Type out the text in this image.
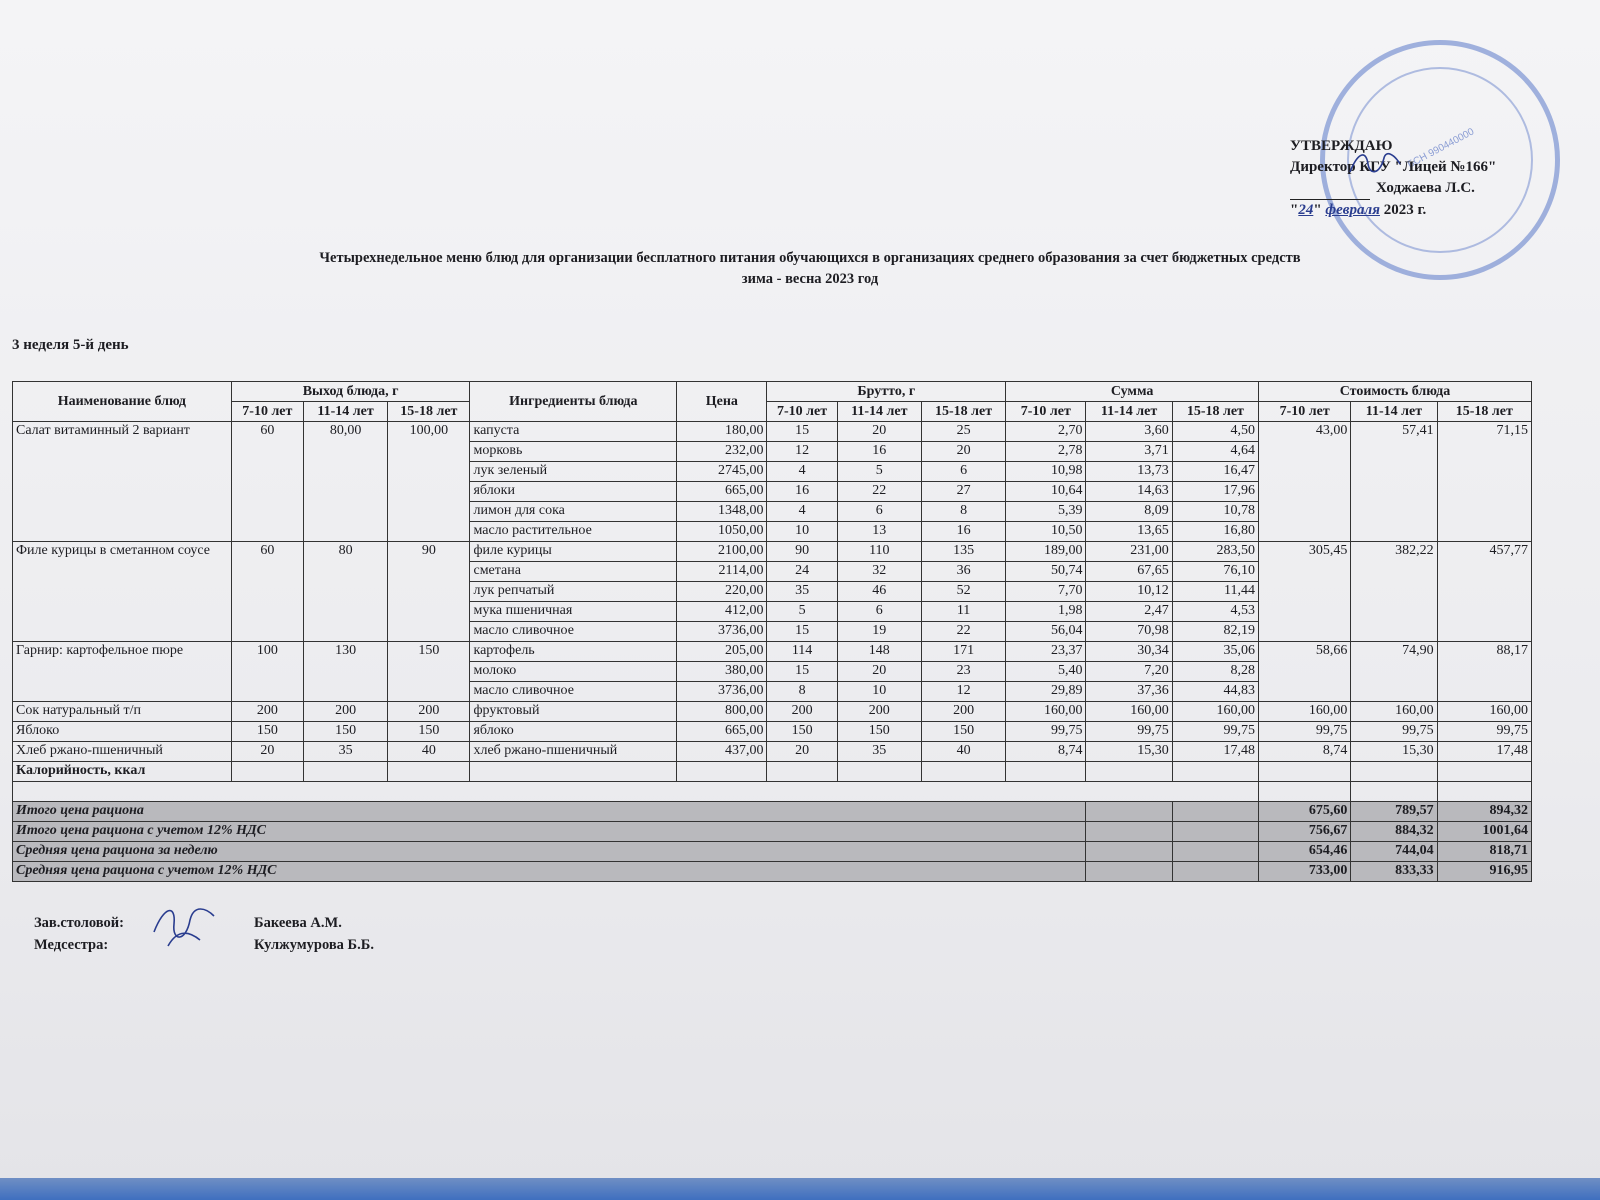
БСН 990440000
УТВЕРЖДАЮ
Директор КГУ "Лицей №166"
Ходжаева Л.С.
"24" февраля 2023 г.
Четырехнедельное меню блюд для организации бесплатного питания обучающихся в организациях среднего образования за счет бюджетных средств
зима - весна 2023 год
3 неделя 5-й день
Наименование блюд	Выход блюда, г			Ингредиенты блюда	Цена	Брутто, г			Сумма			Стоимость блюда		
	7-10 лет	11-14 лет	15-18 лет			7-10 лет	11-14 лет	15-18 лет	7-10 лет	11-14 лет	15-18 лет	7-10 лет	11-14 лет	15-18 лет
Салат витаминный 2 вариант	60	80,00	100,00	капуста	180,00	15	20	25	2,70	3,60	4,50	43,00	57,41	71,15
				морковь	232,00	12	16	20	2,78	3,71	4,64			
				лук зеленый	2745,00	4	5	6	10,98	13,73	16,47			
				яблоки	665,00	16	22	27	10,64	14,63	17,96			
				лимон для сока	1348,00	4	6	8	5,39	8,09	10,78			
				масло растительное	1050,00	10	13	16	10,50	13,65	16,80			
Филе курицы в сметанном соусе	60	80	90	филе курицы	2100,00	90	110	135	189,00	231,00	283,50	305,45	382,22	457,77
				сметана	2114,00	24	32	36	50,74	67,65	76,10			
				лук репчатый	220,00	35	46	52	7,70	10,12	11,44			
				мука пшеничная	412,00	5	6	11	1,98	2,47	4,53			
				масло сливочное	3736,00	15	19	22	56,04	70,98	82,19			
Гарнир: картофельное пюре	100	130	150	картофель	205,00	114	148	171	23,37	30,34	35,06	58,66	74,90	88,17
				молоко	380,00	15	20	23	5,40	7,20	8,28			
				масло сливочное	3736,00	8	10	12	29,89	37,36	44,83			
Сок натуральный т/п	200	200	200	фруктовый	800,00	200	200	200	160,00	160,00	160,00	160,00	160,00	160,00
Яблоко	150	150	150	яблоко	665,00	150	150	150	99,75	99,75	99,75	99,75	99,75	99,75
Хлеб ржано-пшеничный	20	35	40	хлеб ржано-пшеничный	437,00	20	35	40	8,74	15,30	17,48	8,74	15,30	17,48
Калорийность, ккал														

Итого цена рациона												675,60	789,57	894,32
Итого цена рациона с учетом 12% НДС												756,67	884,32	1001,64
Средняя цена рациона за неделю												654,46	744,04	818,71
Средняя цена рациона с учетом 12% НДС												733,00	833,33	916,95
Зав.столовой:	Бакеева А.М.
Медсестра:	Кулжумурова Б.Б.
